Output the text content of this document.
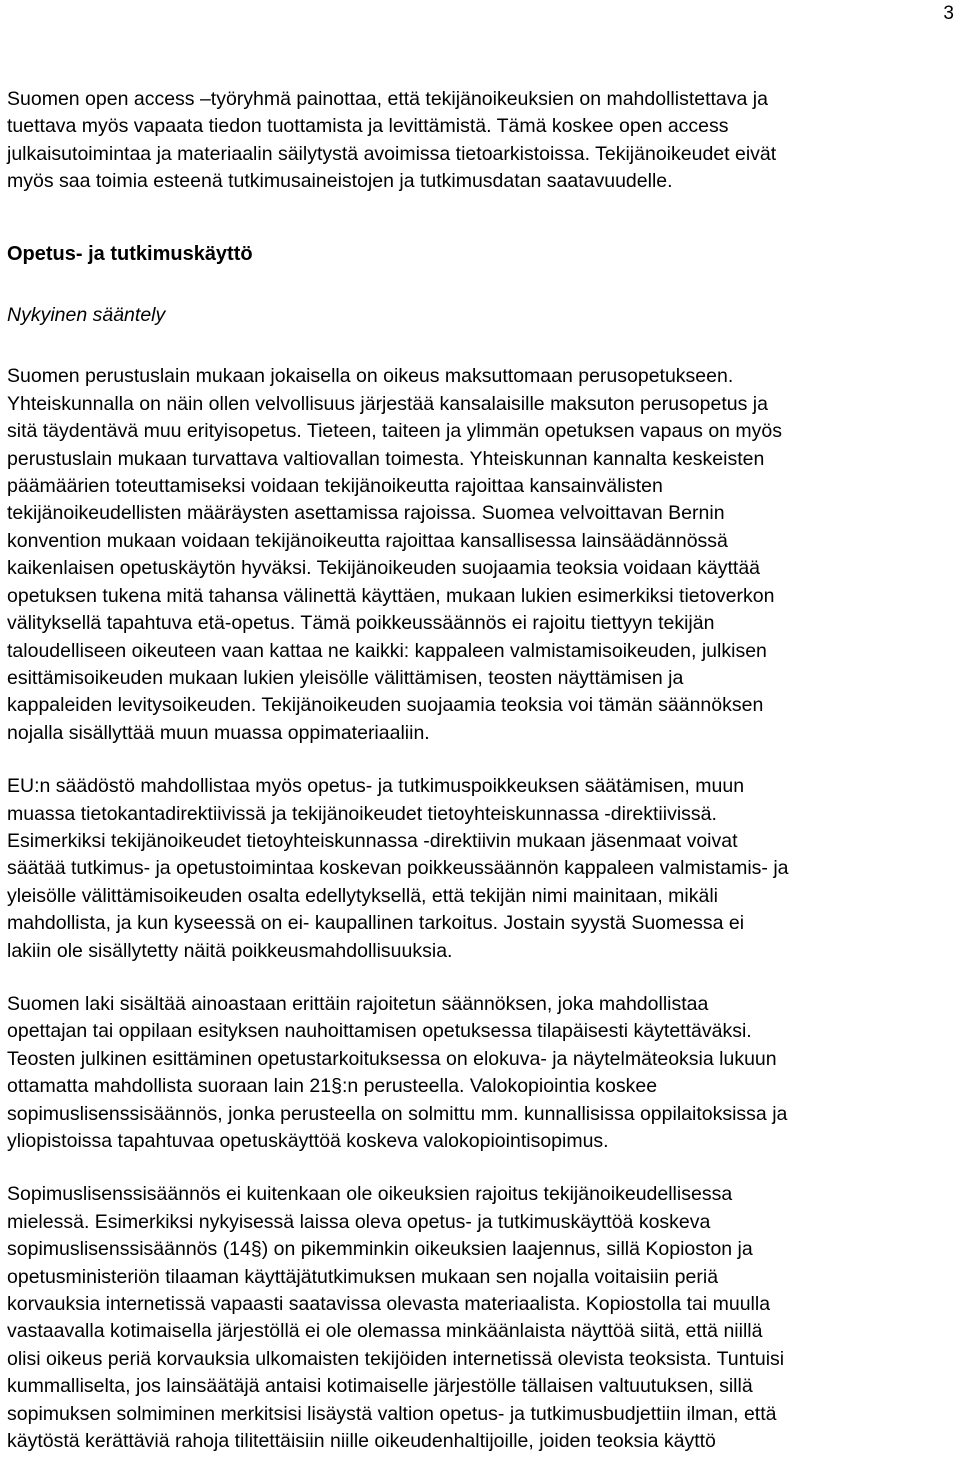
3

Suomen open access –työryhmä painottaa, että tekijänoikeuksien on mahdollistettava ja
tuettava myös vapaata tiedon tuottamista ja levittämistä. Tämä koskee open access
julkaisutoimintaa ja materiaalin säilytystä avoimissa tietoarkistoissa. Tekijänoikeudet eivät
myös saa toimia esteenä tutkimusaineistojen ja tutkimusdatan saatavuudelle.

Opetus- ja tutkimuskäyttö

Nykyinen sääntely

Suomen perustuslain mukaan jokaisella on oikeus maksuttomaan perusopetukseen.
Yhteiskunnalla on näin ollen velvollisuus järjestää kansalaisille maksuton perusopetus ja
sitä täydentävä muu erityisopetus. Tieteen, taiteen ja ylimmän opetuksen vapaus on myös
perustuslain mukaan turvattava valtiovallan toimesta. Yhteiskunnan kannalta keskeisten
päämäärien toteuttamiseksi voidaan tekijänoikeutta rajoittaa kansainvälisten
tekijänoikeudellisten määräysten asettamissa rajoissa. Suomea velvoittavan Bernin
konvention mukaan voidaan tekijänoikeutta rajoittaa kansallisessa lainsäädännössä
kaikenlaisen opetuskäytön hyväksi. Tekijänoikeuden suojaamia teoksia voidaan käyttää
opetuksen tukena mitä tahansa välinettä käyttäen, mukaan lukien esimerkiksi tietoverkon
välityksellä tapahtuva etä-opetus. Tämä poikkeussäännös ei rajoitu tiettyyn tekijän
taloudelliseen oikeuteen vaan kattaa ne kaikki: kappaleen valmistamisoikeuden, julkisen
esittämisoikeuden mukaan lukien yleisölle välittämisen, teosten näyttämisen ja
kappaleiden levitysoikeuden. Tekijänoikeuden suojaamia teoksia voi tämän säännöksen
nojalla sisällyttää muun muassa oppimateriaaliin.

EU:n säädöstö mahdollistaa myös opetus- ja tutkimuspoikkeuksen säätämisen, muun
muassa tietokantadirektiivissä ja tekijänoikeudet tietoyhteiskunnassa -direktiivissä.
Esimerkiksi tekijänoikeudet tietoyhteiskunnassa -direktiivin mukaan jäsenmaat voivat
säätää tutkimus- ja opetustoimintaa koskevan poikkeussäännön kappaleen valmistamis- ja
yleisölle välittämisoikeuden osalta edellytyksellä, että tekijän nimi mainitaan, mikäli
mahdollista, ja kun kyseessä on ei- kaupallinen tarkoitus. Jostain syystä Suomessa ei
lakiin ole sisällytetty näitä poikkeusmahdollisuuksia.

Suomen laki sisältää ainoastaan erittäin rajoitetun säännöksen, joka mahdollistaa
opettajan tai oppilaan esityksen nauhoittamisen opetuksessa tilapäisesti käytettäväksi.
Teosten julkinen esittäminen opetustarkoituksessa on elokuva- ja näytelmäteoksia lukuun
ottamatta mahdollista suoraan lain 21§:n perusteella. Valokopiointia koskee
sopimuslisenssisäännös, jonka perusteella on solmittu mm. kunnallisissa oppilaitoksissa ja
yliopistoissa tapahtuvaa opetuskäyttöä koskeva valokopiointisopimus.

Sopimuslisenssisäännös ei kuitenkaan ole oikeuksien rajoitus tekijänoikeudellisessa
mielessä. Esimerkiksi nykyisessä laissa oleva opetus- ja tutkimuskäyttöä koskeva
sopimuslisenssisäännös (14§) on pikemminkin oikeuksien laajennus, sillä Kopioston ja
opetusministeriön tilaaman käyttäjätutkimuksen mukaan sen nojalla voitaisiin periä
korvauksia internetissä vapaasti saatavissa olevasta materiaalista. Kopiostolla tai muulla
vastaavalla kotimaisella järjestöllä ei ole olemassa minkäänlaista näyttöä siitä, että niillä
olisi oikeus periä korvauksia ulkomaisten tekijöiden internetissä olevista teoksista. Tuntuisi
kummalliselta, jos lainsäätäjä antaisi kotimaiselle järjestölle tällaisen valtuutuksen, sillä
sopimuksen solmiminen merkitsisi lisäystä valtion opetus- ja tutkimusbudjettiin ilman, että
käytöstä kerättäviä rahoja tilitettäisiin niille oikeudenhaltijoille, joiden teoksia käyttö
